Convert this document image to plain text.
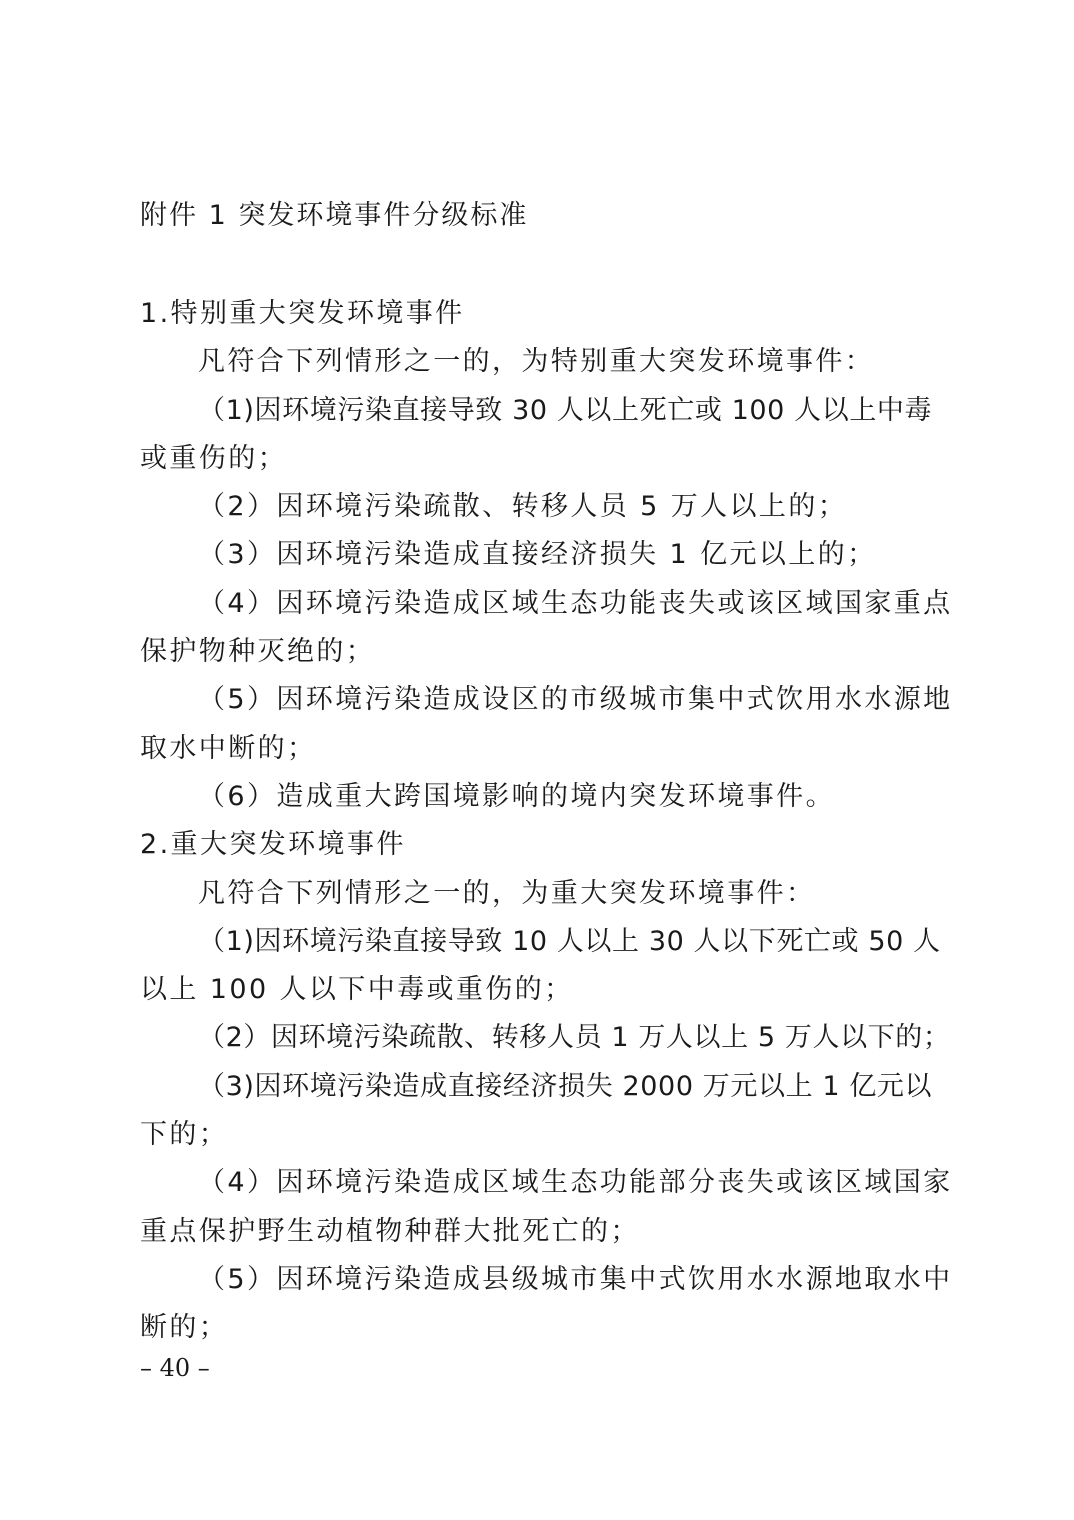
附件 1 突发环境事件分级标准
1.特别重大突发环境事件
凡符合下列情形之一的，为特别重大突发环境事件：
（1)因环境污染直接导致 30 人以上死亡或 100 人以上中毒
或重伤的；
（2）因环境污染疏散、转移人员 5 万人以上的；
（3）因环境污染造成直接经济损失 1 亿元以上的；
（4）因环境污染造成区域生态功能丧失或该区域国家重点
保护物种灭绝的；
（5）因环境污染造成设区的市级城市集中式饮用水水源地
取水中断的；
（6）造成重大跨国境影响的境内突发环境事件。
2.重大突发环境事件
凡符合下列情形之一的，为重大突发环境事件：
（1)因环境污染直接导致 10 人以上 30 人以下死亡或 50 人
以上 100 人以下中毒或重伤的；
（2）因环境污染疏散、转移人员 1 万人以上 5 万人以下的；
（3)因环境污染造成直接经济损失 2000 万元以上 1 亿元以
下的；
（4）因环境污染造成区域生态功能部分丧失或该区域国家
重点保护野生动植物种群大批死亡的；
（5）因环境污染造成县级城市集中式饮用水水源地取水中
断的；
– 40 –
